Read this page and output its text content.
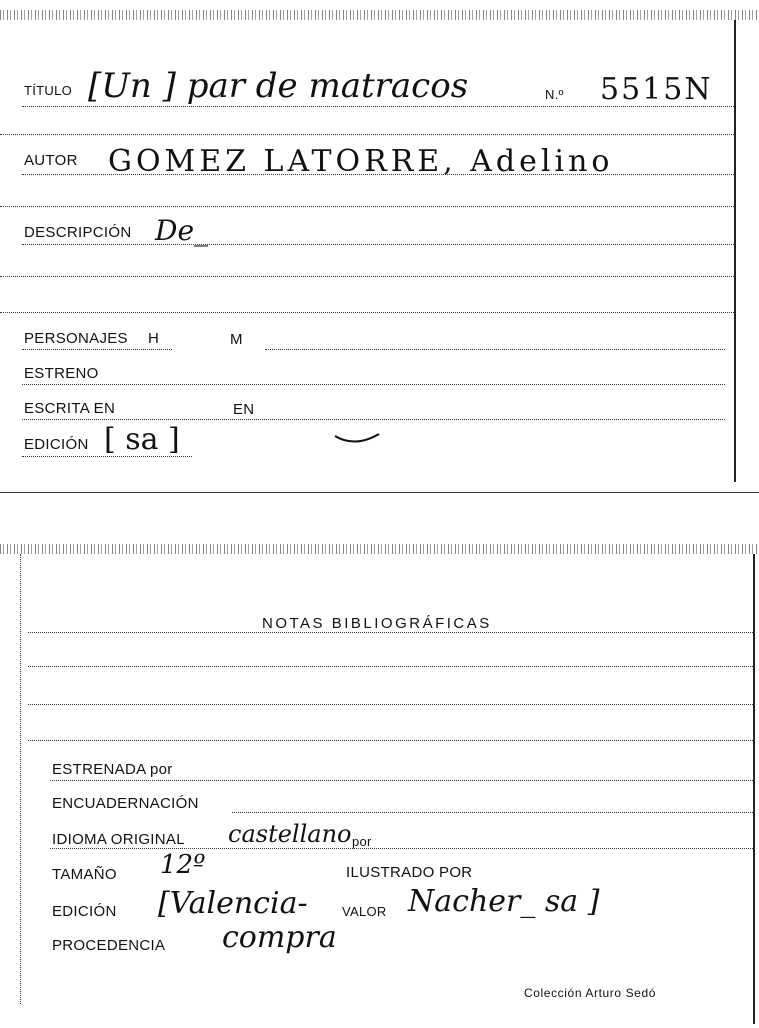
TÍTULO [Un ] par de matracos	N.º 5515N
AUTOR GOMEZ LATORRE, Adelino
DESCRIPCIÓN De_
PERSONAJES H	M
ESTRENO
ESCRITA EN	EN
EDICIÓN [ sa ]
NOTAS BIBLIOGRÁFICAS
ESTRENADA por
ENCUADERNACIÓN
IDIOMA ORIGINAL castellano por
TAMAÑO 12º	ILUSTRADO POR
EDICIÓN [Valencia-	VALOR Nacher_ sa ]
PROCEDENCIA compra
Colección Arturo Sedó
